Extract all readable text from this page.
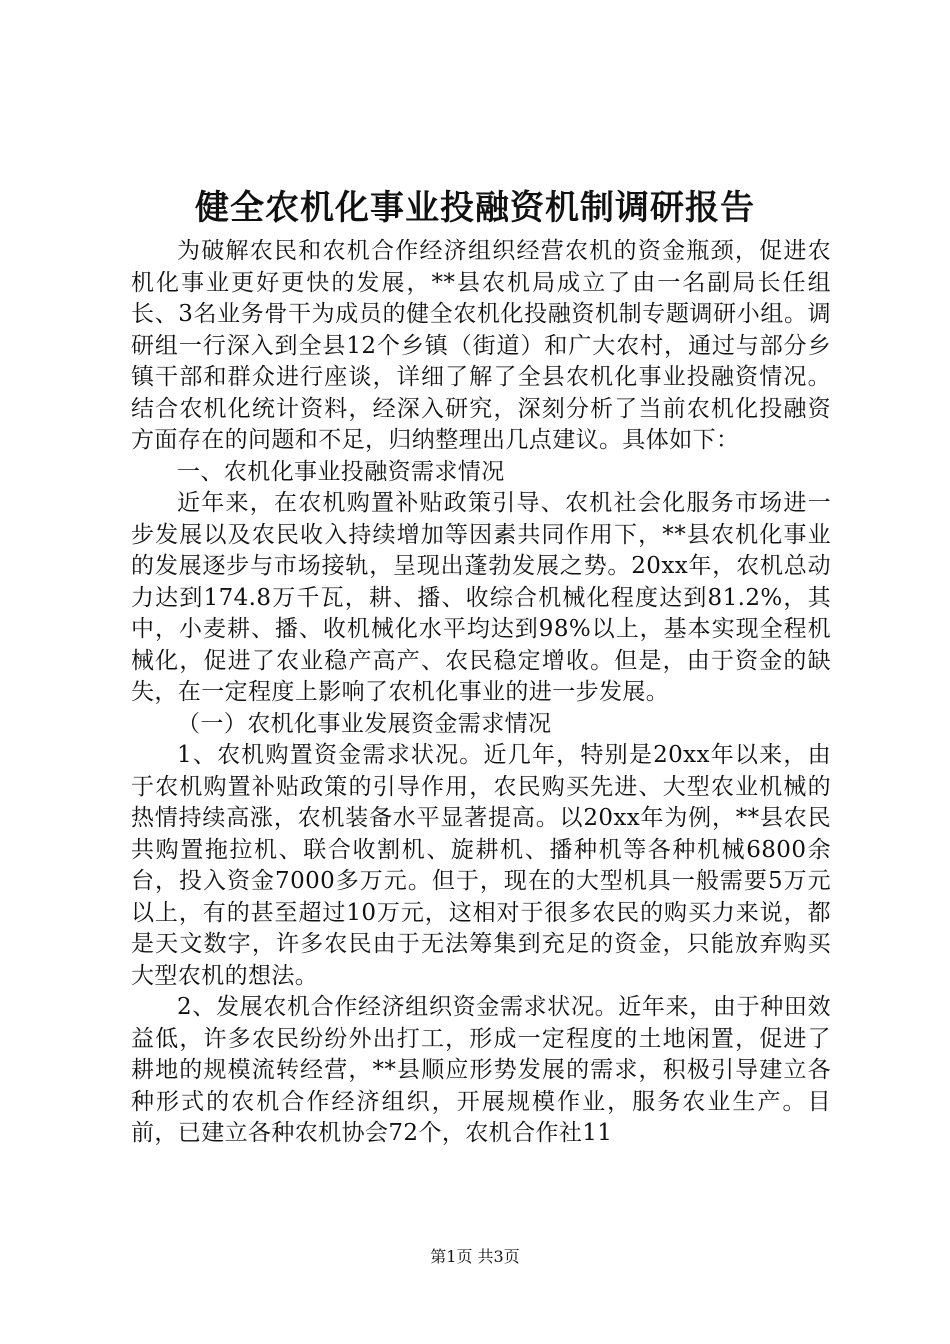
健全农机化事业投融资机制调研报告

为破解农民和农机合作经济组织经营农机的资金瓶颈，促进农机化事业更好更快的发展，**县农机局成立了由一名副局长任组长、3名业务骨干为成员的健全农机化投融资机制专题调研小组。调研组一行深入到全县12个乡镇（街道）和广大农村，通过与部分乡镇干部和群众进行座谈，详细了解了全县农机化事业投融资情况。结合农机化统计资料，经深入研究，深刻分析了当前农机化投融资方面存在的问题和不足，归纳整理出几点建议。具体如下：

一、农机化事业投融资需求情况

近年来，在农机购置补贴政策引导、农机社会化服务市场进一步发展以及农民收入持续增加等因素共同作用下，**县农机化事业的发展逐步与市场接轨，呈现出蓬勃发展之势。20xx年，农机总动力达到174.8万千瓦，耕、播、收综合机械化程度达到81.2%，其中，小麦耕、播、收机械化水平均达到98%以上，基本实现全程机械化，促进了农业稳产高产、农民稳定增收。但是，由于资金的缺失，在一定程度上影响了农机化事业的进一步发展。

（一）农机化事业发展资金需求情况

1、农机购置资金需求状况。近几年，特别是20xx年以来，由于农机购置补贴政策的引导作用，农民购买先进、大型农业机械的热情持续高涨，农机装备水平显著提高。以20xx年为例，**县农民共购置拖拉机、联合收割机、旋耕机、播种机等各种机械6800余台，投入资金7000多万元。但于，现在的大型机具一般需要5万元以上，有的甚至超过10万元，这相对于很多农民的购买力来说，都是天文数字，许多农民由于无法筹集到充足的资金，只能放弃购买大型农机的想法。

2、发展农机合作经济组织资金需求状况。近年来，由于种田效益低，许多农民纷纷外出打工，形成一定程度的土地闲置，促进了耕地的规模流转经营，**县顺应形势发展的需求，积极引导建立各种形式的农机合作经济组织，开展规模作业，服务农业生产。目前，已建立各种农机协会72个，农机合作社11

第1页 共3页
